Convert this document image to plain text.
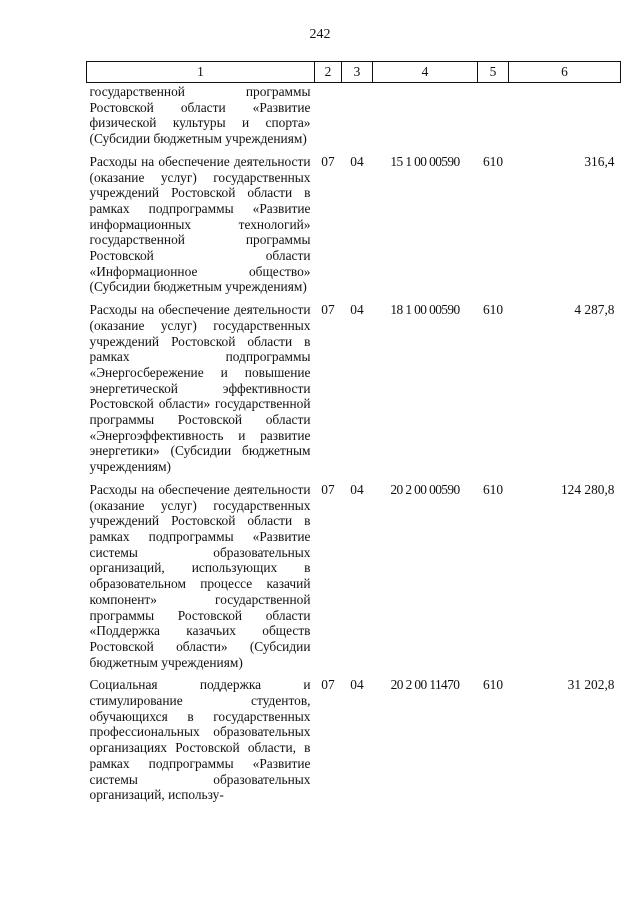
242
1	2	3	4	5	6
государственной программы Ростовской области «Развитие физической культуры и спорта» (Субсидии бюджетным учреждениям)					
Расходы на обеспечение деятельности (оказание услуг) государственных учреждений Ростовской области в рамках подпрограммы «Развитие информационных технологий» государственной программы Ростовской области «Информационное общество» (Субсидии бюджетным учреждениям)	07	04	15 1 00 00590	610	316,4
Расходы на обеспечение деятельности (оказание услуг) государственных учреждений Ростовской области в рамках подпрограммы «Энергосбережение и повышение энергетической эффективности Ростовской области» государственной программы Ростовской области «Энергоэффективность и развитие энергетики» (Субсидии бюджетным учреждениям)	07	04	18 1 00 00590	610	4 287,8
Расходы на обеспечение деятельности (оказание услуг) государственных учреждений Ростовской области в рамках подпрограммы «Развитие системы образовательных организаций, использующих в образовательном процессе казачий компонент» государственной программы Ростовской области «Поддержка казачьих обществ Ростовской области» (Субсидии бюджетным учреждениям)	07	04	20 2 00 00590	610	124 280,8
Социальная поддержка и стимулирование студентов, обучающихся в государственных профессиональных образовательных организациях Ростовской области, в рамках подпрограммы «Развитие системы образовательных организаций, использу-	07	04	20 2 00 11470	610	31 202,8
